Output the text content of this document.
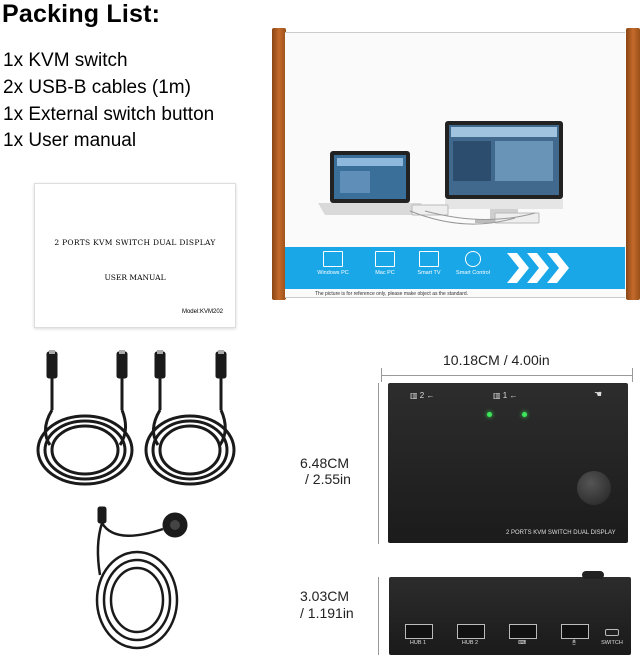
Packing List:
1x KVM switch
2x USB-B cables (1m)
1x External switch button
1x User manual
2 PORTS KVM SWITCH DUAL DISPLAY
USER MANUAL
Model:KVM202
Windows PC	Mac PC	Smart TV	Smart Control
The picture is for reference only, please make object as the standard.
10.18CM / 4.00in
6.48CM
/ 2.55in
3.03CM
/ 1.191in
▥ 2 ←	▥ 1 ←	☚
2 PORTS KVM SWITCH DUAL DISPLAY
HUB 1	HUB 2	⌨	🖰	SWITCH
